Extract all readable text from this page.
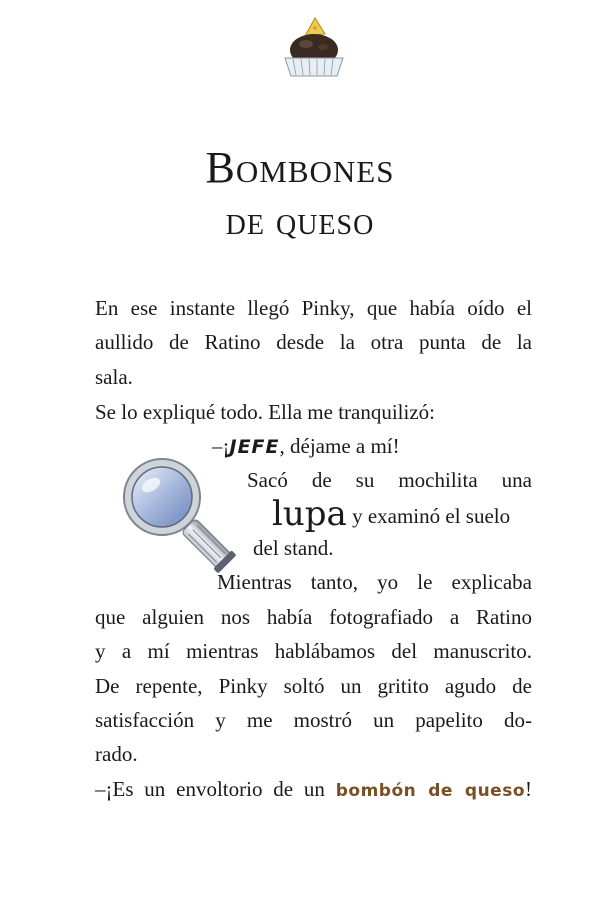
Bombones
de queso
En ese instante llegó Pinky, que había oído el
aullido de Ratino desde la otra punta de la
sala.
Se lo expliqué todo. Ella me tranquilizó:
–¡JEFE, déjame a mí!
Sacó de su mochilita una
lupa y examinó el suelo
del stand.
Mientras tanto, yo le explicaba
que alguien nos había fotografiado a Ratino
y a mí mientras hablábamos del manuscrito.
De repente, Pinky soltó un gritito agudo de
satisfacción y me mostró un papelito do-
rado.
–¡Es un envoltorio de un bombón de queso!
